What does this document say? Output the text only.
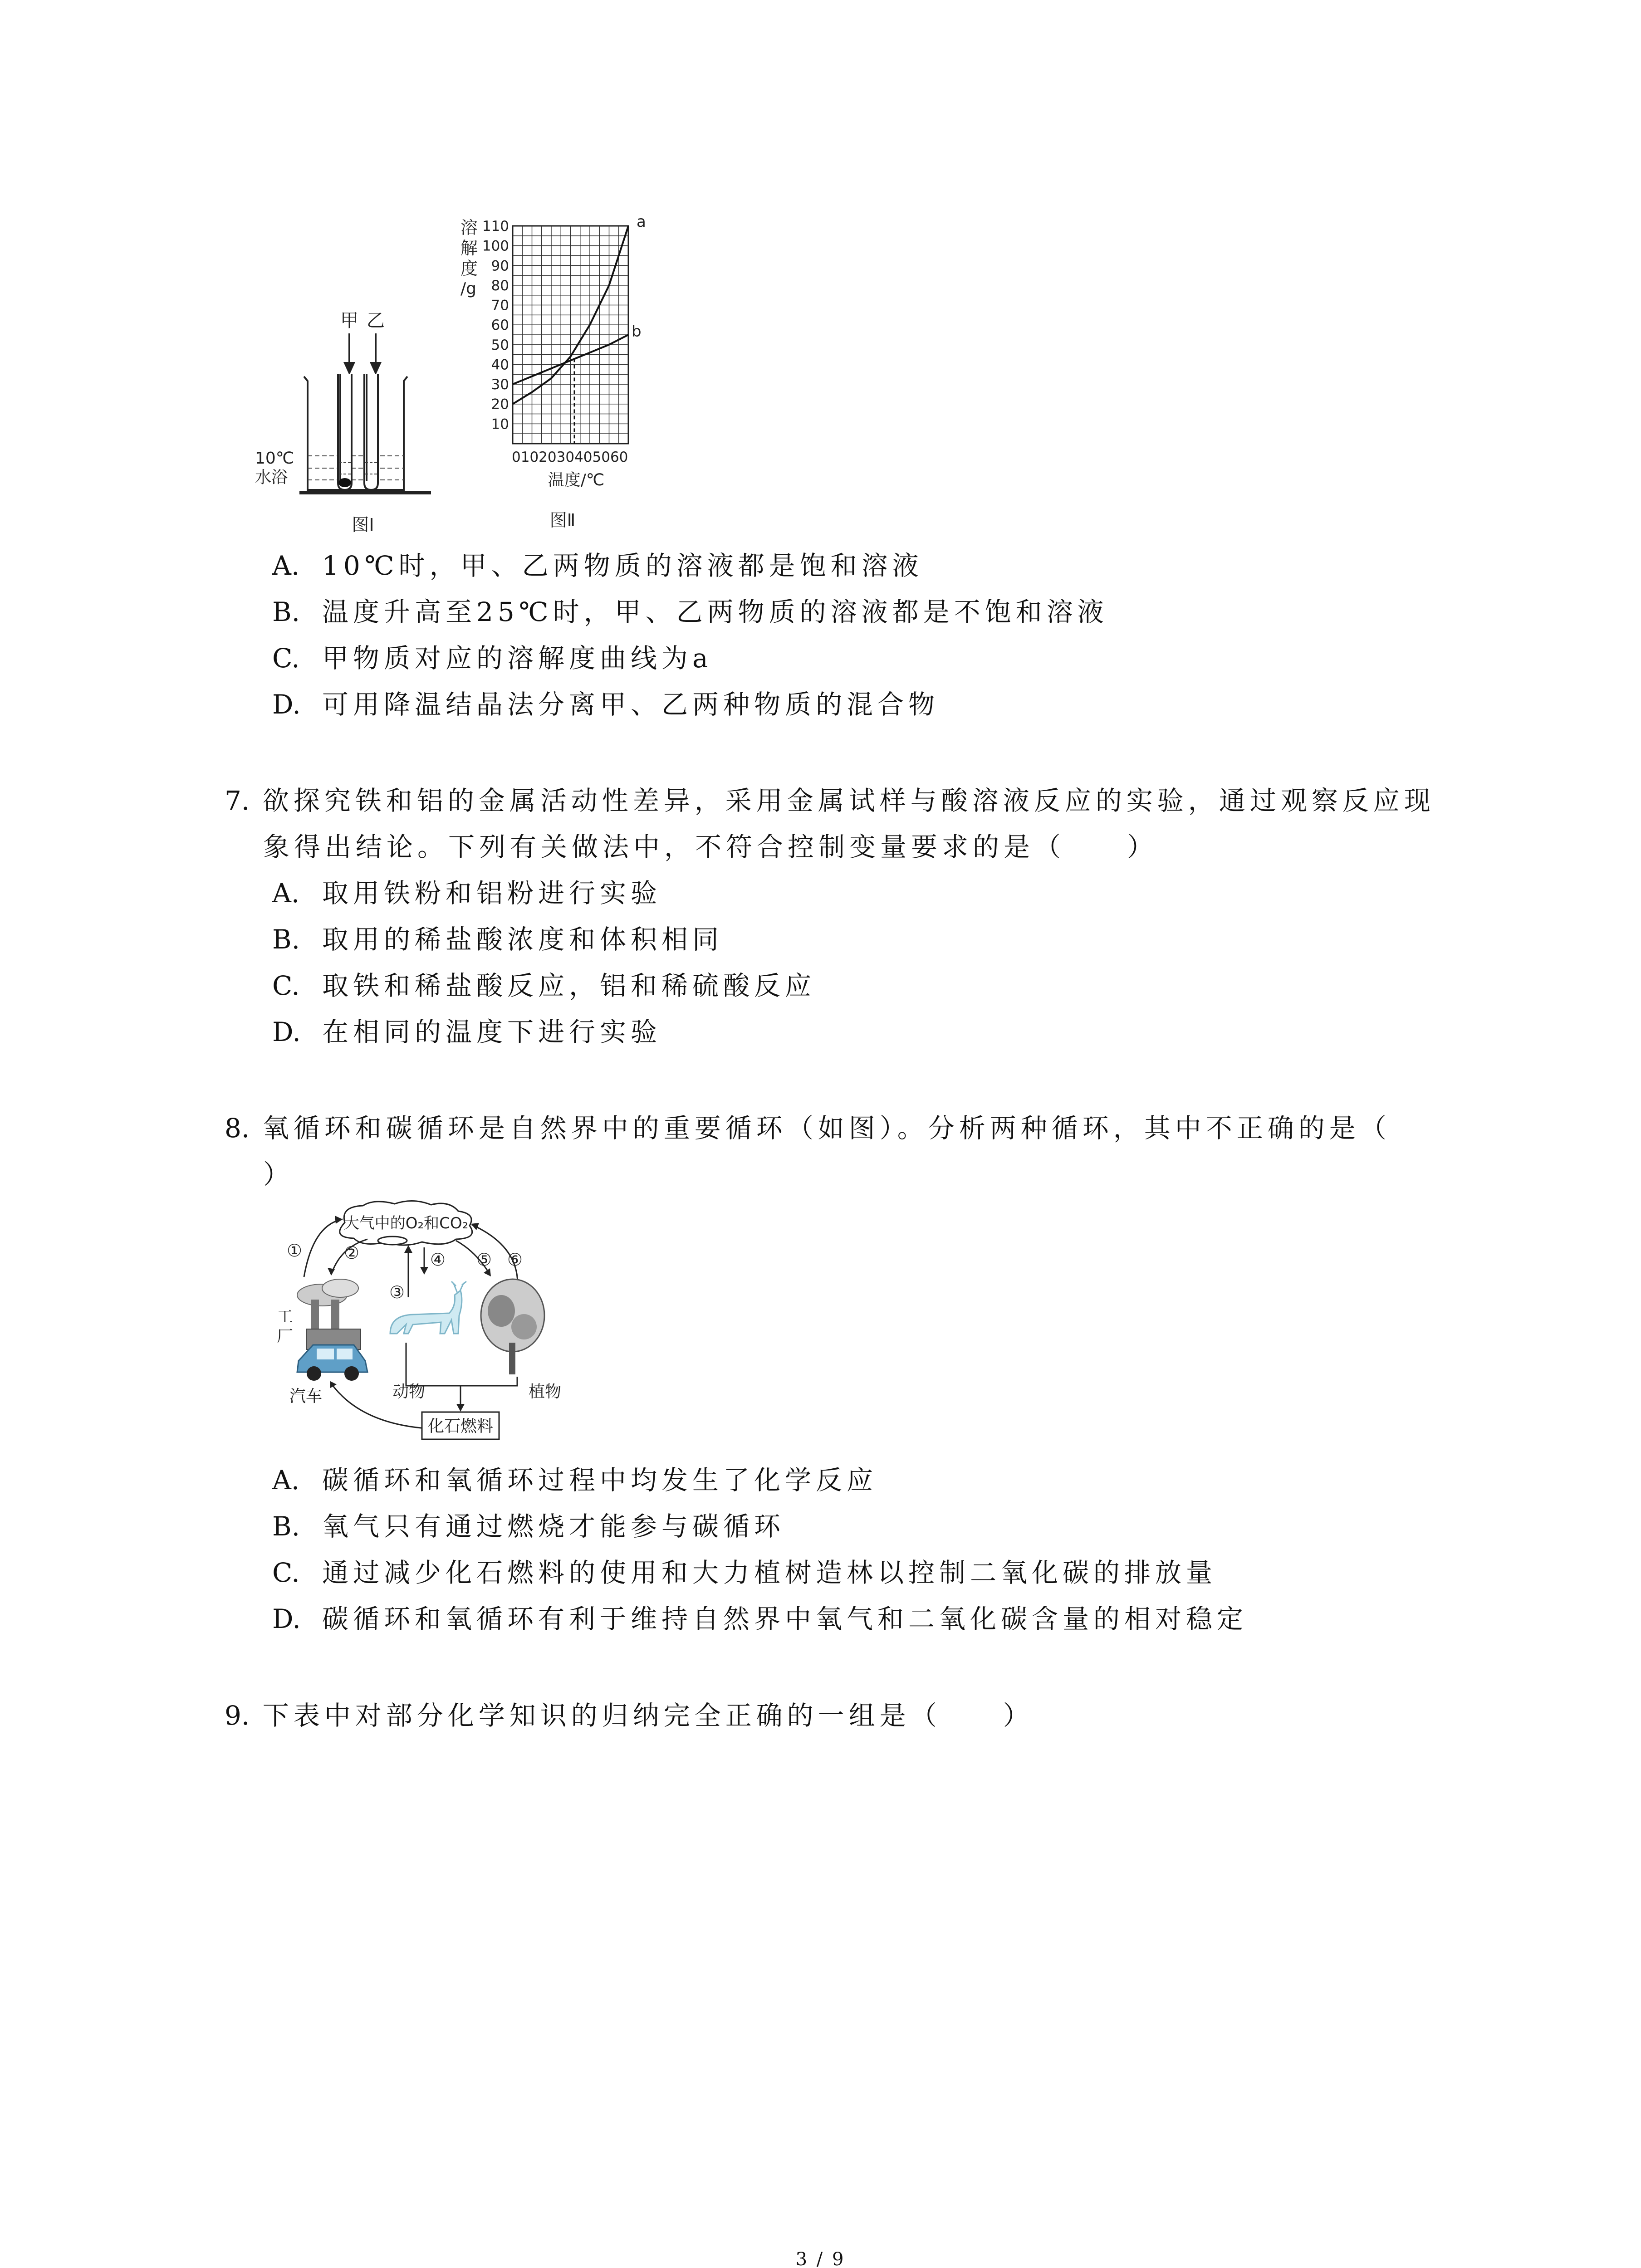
甲 乙
10℃
水浴
图Ⅰ
110
100
90
80
70
60
50
40
30
20
10
溶
解
度
/g
0102030405060
温度/℃
a
b
图Ⅱ
A. 10℃时，甲、乙两物质的溶液都是饱和溶液
B. 温度升高至25℃时，甲、乙两物质的溶液都是不饱和溶液
C. 甲物质对应的溶解度曲线为a
D. 可用降温结晶法分离甲、乙两种物质的混合物
7. 欲探究铁和铝的金属活动性差异，采用金属试样与酸溶液反应的实验，通过观察反应现
象得出结论。下列有关做法中，不符合控制变量要求的是（　　）
A. 取用铁粉和铝粉进行实验
B. 取用的稀盐酸浓度和体积相同
C. 取铁和稀盐酸反应，铝和稀硫酸反应
D. 在相同的温度下进行实验
8. 氧循环和碳循环是自然界中的重要循环（如图）。分析两种循环，其中不正确的是（
）
大气中的O₂和CO₂
① ②
③
④ ⑤ ⑥
工
厂
汽车	动物	植物
化石燃料
A. 碳循环和氧循环过程中均发生了化学反应
B. 氧气只有通过燃烧才能参与碳循环
C. 通过减少化石燃料的使用和大力植树造林以控制二氧化碳的排放量
D. 碳循环和氧循环有利于维持自然界中氧气和二氧化碳含量的相对稳定
9. 下表中对部分化学知识的归纳完全正确的一组是（　　）
3 / 9
